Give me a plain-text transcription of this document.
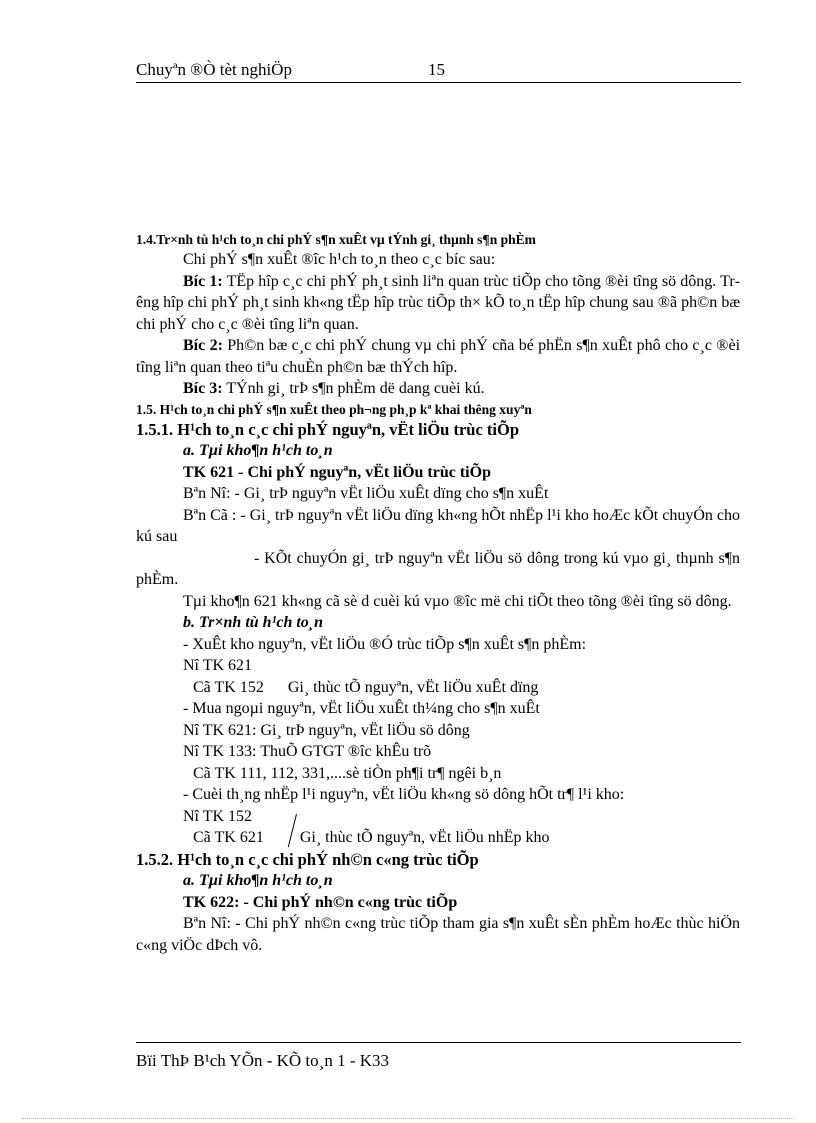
Chuyªn ®Ò tèt nghiÖp	15

1.4.Tr×nh tù h¹ch to¸n chi phÝ s¶n xuÊt vµ tÝnh gi¸ thµnh s¶n phÈm

Chi phÝ s¶n xuÊt ®îc h¹ch to¸n theo c¸c bíc sau:

Bíc 1: TËp hîp c¸c chi phÝ ph¸t sinh liªn quan trùc tiÕp cho tõng ®èi tîng sö dông. Trêng hîp chi phÝ ph¸t sinh kh«ng tËp hîp trùc tiÕp th× kÕ to¸n tËp hîp chung sau ®ã ph©n bæ chi phÝ cho c¸c ®èi tîng liªn quan.

Bíc 2: Ph©n bæ c¸c chi phÝ chung vµ chi phÝ cña bé phËn s¶n xuÊt phô cho c¸c ®èi tîng liªn quan theo tiªu chuÈn ph©n bæ thÝch hîp.

Bíc 3: TÝnh gi¸ trÞ s¶n phÈm dë dang cuèi kú.

1.5. H¹ch to¸n chi phÝ s¶n xuÊt theo ph¬ng ph¸p kª khai thêng xuyªn

1.5.1. H¹ch to¸n c¸c chi phÝ nguyªn, vËt liÖu trùc tiÕp

a. Tµi kho¶n h¹ch to¸n

TK 621 - Chi phÝ nguyªn, vËt liÖu trùc tiÕp

Bªn Nî: - Gi¸ trÞ nguyªn vËt liÖu xuÊt dïng cho s¶n xuÊt

Bªn Cã : - Gi¸ trÞ nguyªn vËt liÖu dïng kh«ng hÕt nhËp l¹i kho hoÆc kÕt chuyÓn cho kú sau

- KÕt chuyÓn gi¸ trÞ nguyªn vËt liÖu sö dông trong kú vµo gi¸ thµnh s¶n phÈm.

Tµi kho¶n 621 kh«ng cã sè d cuèi kú vµo ®îc më chi tiÕt theo tõng ®èi tîng sö dông.

b. Tr×nh tù h¹ch to¸n

- XuÊt kho nguyªn, vËt liÖu ®Ó trùc tiÕp s¶n xuÊt s¶n phÈm:

Nî TK 621

Cã TK 152      Gi¸ thùc tÕ nguyªn, vËt liÖu xuÊt dïng

- Mua ngoµi nguyªn, vËt liÖu xuÊt th¼ng cho s¶n xuÊt

Nî TK 621: Gi¸ trÞ nguyªn, vËt liÖu sö dông

Nî TK 133: ThuÕ GTGT ®îc khÊu trõ

Cã TK 111, 112, 331,....sè tiÒn ph¶i tr¶ ngêi b¸n

- Cuèi th¸ng nhËp l¹i nguyªn, vËt liÖu kh«ng sö dông hÕt tr¶ l¹i kho:

Nî TK 152

Cã TK 621         Gi¸ thùc tÕ nguyªn, vËt liÖu nhËp kho

1.5.2. H¹ch to¸n c¸c chi phÝ nh©n c«ng trùc tiÕp

a. Tµi kho¶n h¹ch to¸n

TK 622: - Chi phÝ nh©n c«ng trùc tiÕp

Bªn Nî: - Chi phÝ nh©n c«ng trùc tiÕp tham gia s¶n xuÊt sÈn phÈm hoÆc thùc hiÖn c«ng viÖc dÞch vô.

Bïi ThÞ B¹ch YÕn - KÕ to¸n 1 - K33
